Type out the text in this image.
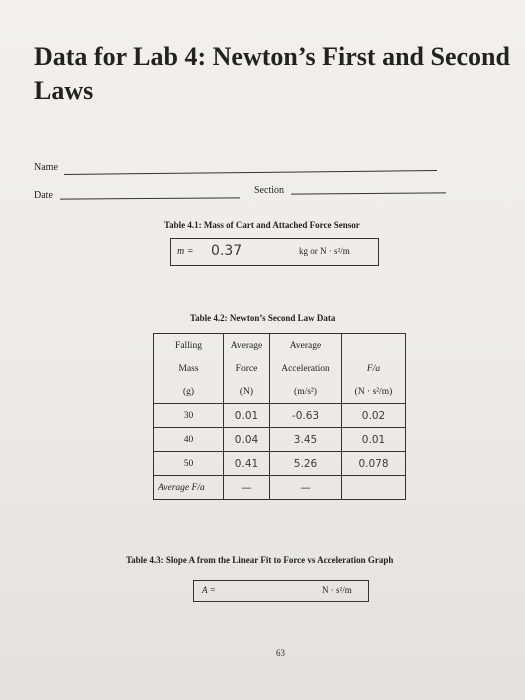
Data for Lab 4: Newton’s First and Second Laws
Name
Date	Section
Table 4.1: Mass of Cart and Attached Force Sensor
m = 0.37	kg or N · s²/m
Table 4.2: Newton’s Second Law Data
Falling	Average	Average	
Mass	Force	Acceleration	F/a
(g)	(N)	(m/s²)	(N · s²/m)
30	0.01	-0.63	0.02
40	0.04	3.45	0.01
50	0.41	5.26	0.078
Average F/a	—	—	
Table 4.3: Slope A from the Linear Fit to Force vs Acceleration Graph
A =	N · s²/m
63
